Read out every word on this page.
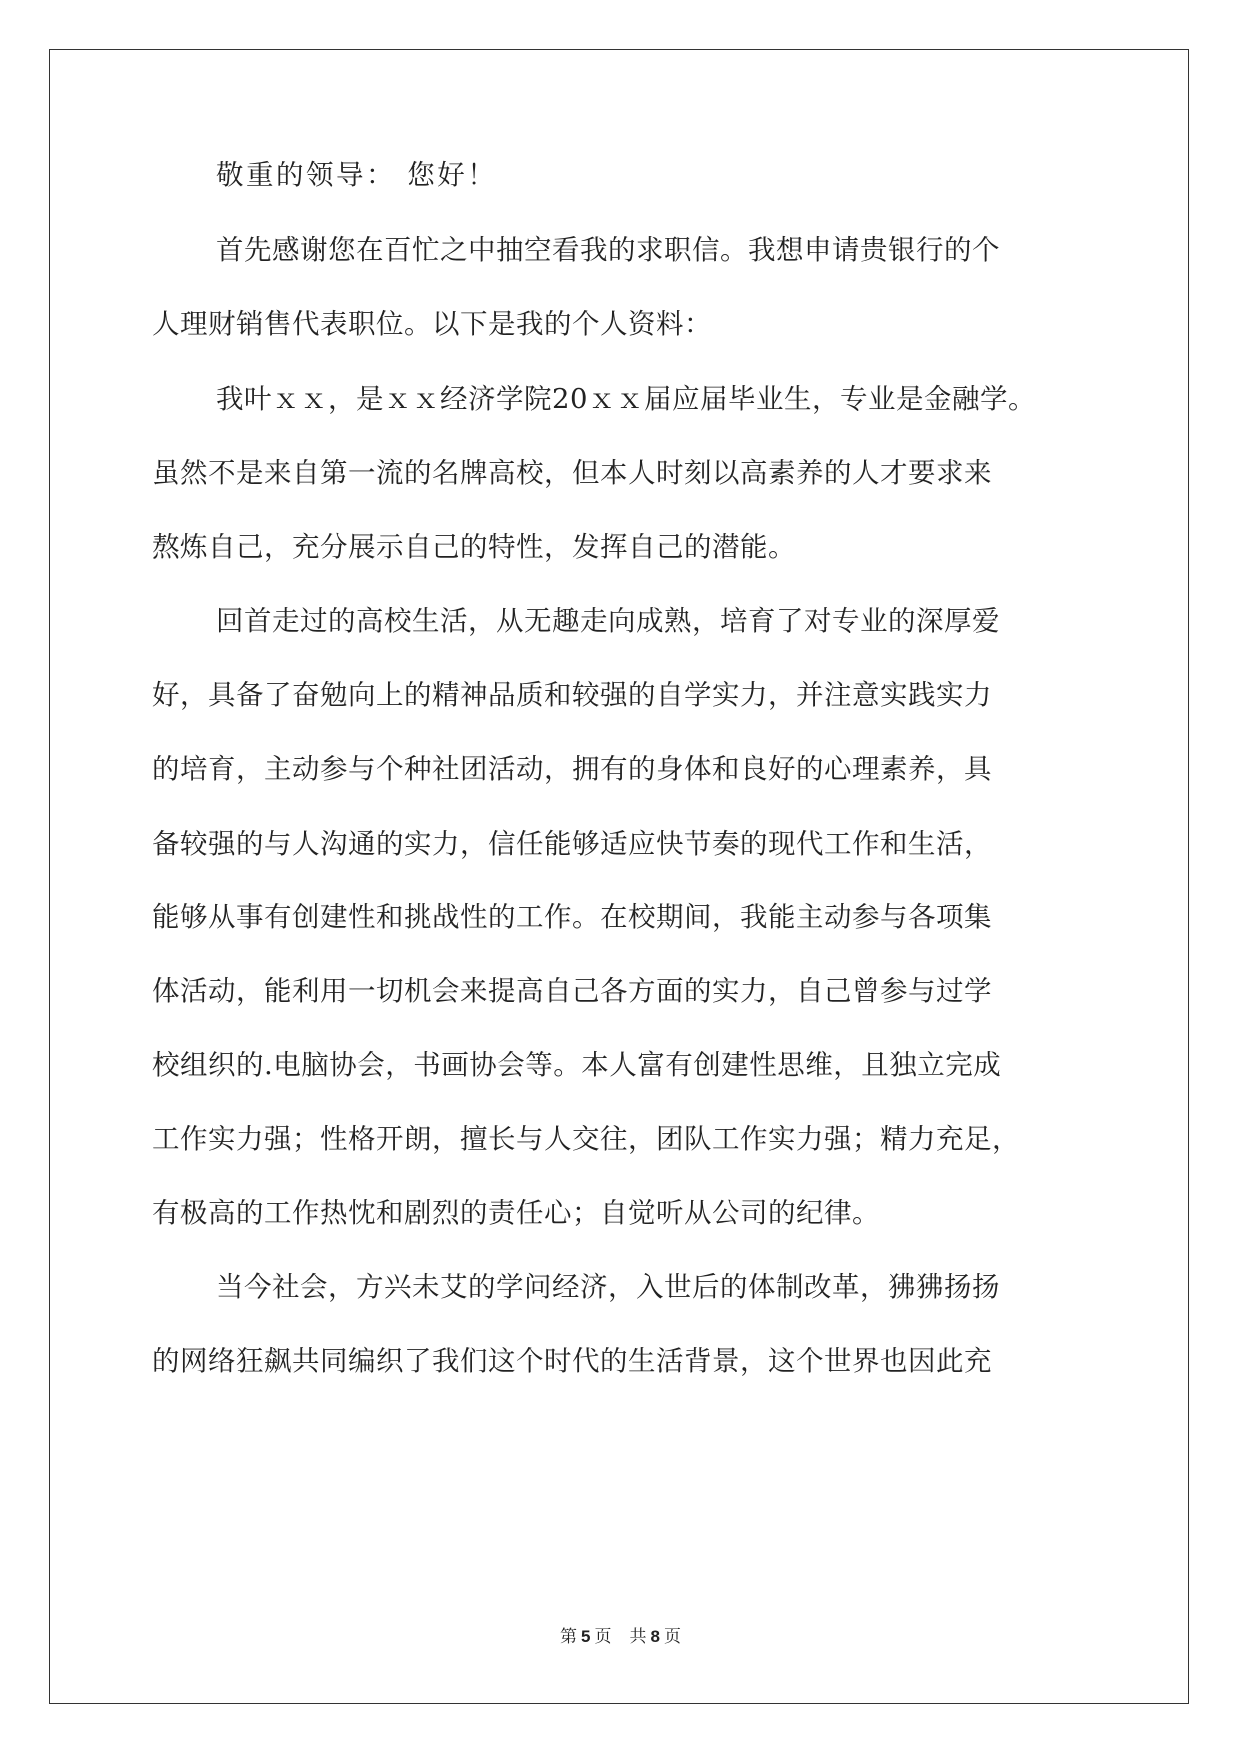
敬重的领导： 您好！
首先感谢您在百忙之中抽空看我的求职信。我想申请贵银行的个
人理财销售代表职位。以下是我的个人资料：
我叶ｘｘ，是ｘｘ经济学院20ｘｘ届应届毕业生，专业是金融学。
虽然不是来自第一流的名牌高校，但本人时刻以高素养的人才要求来
熬炼自己，充分展示自己的特性，发挥自己的潜能。
回首走过的高校生活，从无趣走向成熟，培育了对专业的深厚爱
好，具备了奋勉向上的精神品质和较强的自学实力，并注意实践实力
的培育，主动参与个种社团活动，拥有的身体和良好的心理素养，具
备较强的与人沟通的实力，信任能够适应快节奏的现代工作和生活，
能够从事有创建性和挑战性的工作。在校期间，我能主动参与各项集
体活动，能利用一切机会来提高自己各方面的实力，自己曾参与过学
校组织的.电脑协会，书画协会等。本人富有创建性思维，且独立完成
工作实力强；性格开朗，擅长与人交往，团队工作实力强；精力充足，
有极高的工作热忱和剧烈的责任心；自觉听从公司的纪律。
当今社会，方兴未艾的学问经济，入世后的体制改革，狒狒扬扬
的网络狂飙共同编织了我们这个时代的生活背景，这个世界也因此充
第 5 页 共 8 页
